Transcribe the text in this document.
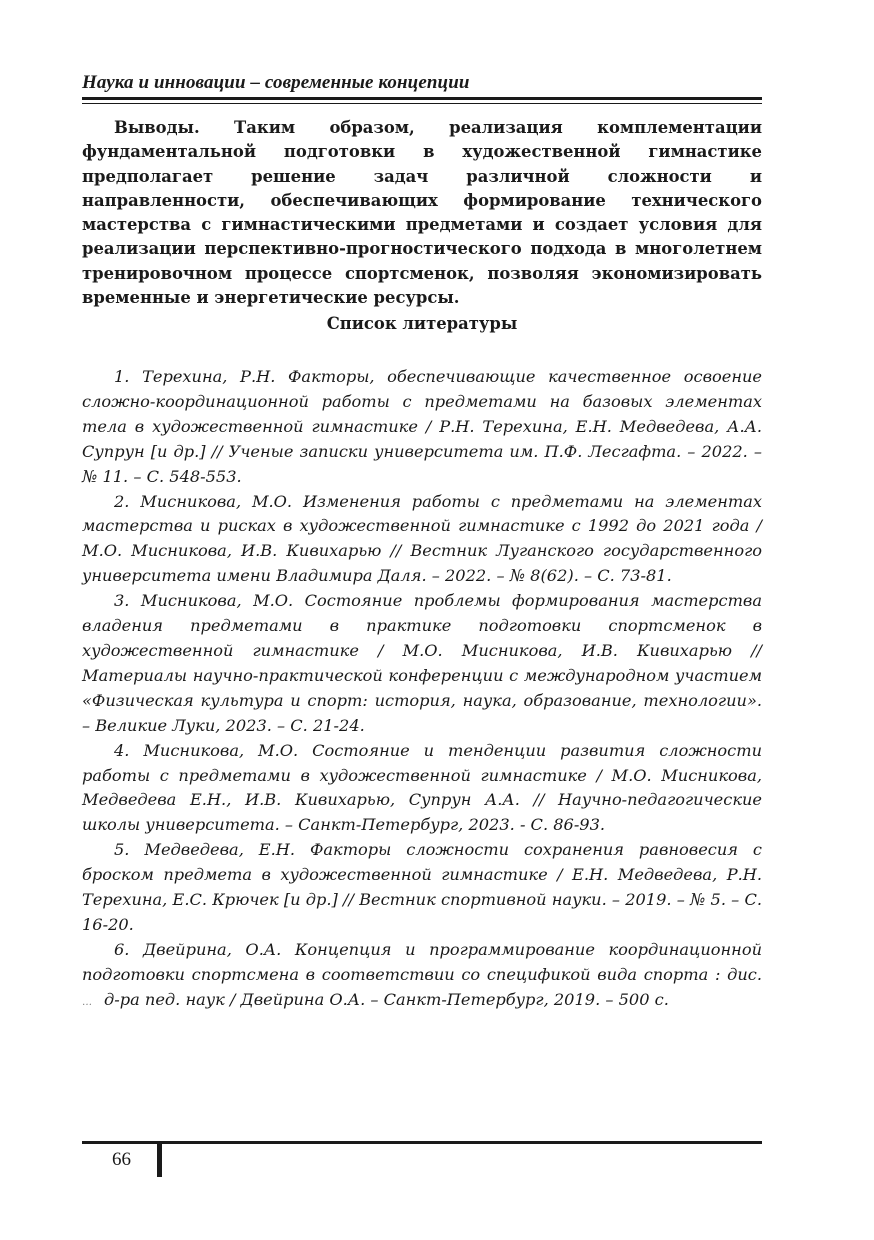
Наука и инновации – современные концепции

Выводы. Таким образом, реализация комплементации фундаментальной подготовки в художественной гимнастике предполагает решение задач различной сложности и направленности, обеспечивающих формирование технического мастерства с гимнастическими предметами и создает условия для реализации перспективно-прогностического подхода в многолетнем тренировочном процессе спортсменок, позволяя экономизировать временные и энергетические ресурсы.

Список литературы
1. Терехина, Р.Н. Факторы, обеспечивающие качественное освоение сложно-координационной работы с предметами на базовых элементах тела в художественной гимнастике / Р.Н. Терехина, Е.Н. Медведева, А.А. Супрун [и др.] // Ученые записки университета им. П.Ф. Лесгафта. – 2022. – № 11. – С. 548-553.
2. Мисникова, М.О. Изменения работы с предметами на элементах мастерства и рисках в художественной гимнастике с 1992 до 2021 года / М.О. Мисникова, И.В. Кивихарью // Вестник Луганского государственного университета имени Владимира Даля. – 2022. – № 8(62). – С. 73-81.
3. Мисникова, М.О. Состояние проблемы формирования мастерства владения предметами в практике подготовки спортсменок в художественной гимнастике / М.О. Мисникова, И.В. Кивихарью // Материалы научно-практической конференции с международном участием «Физическая культура и спорт: история, наука, образование, технологии». – Великие Луки, 2023. – С. 21-24.
4. Мисникова, М.О. Состояние и тенденции развития сложности работы с предметами в художественной гимнастике / М.О. Мисникова, Медведева Е.Н., И.В. Кивихарью, Супрун А.А. // Научно-педагогические школы университета. – Санкт-Петербург, 2023. - С. 86-93.
5. Медведева, Е.Н. Факторы сложности сохранения равновесия с броском предмета в художественной гимнастике / Е.Н. Медведева, Р.Н. Терехина, Е.С. Крючек [и др.] // Вестник спортивной науки. – 2019. – № 5. – С. 16-20.
6. Двейрина, О.А. Концепция и программирование координационной подготовки спортсмена в соответствии со спецификой вида спорта : дис. … д-ра пед. наук / Двейрина О.А. – Санкт-Петербург, 2019. – 500 с.
66
